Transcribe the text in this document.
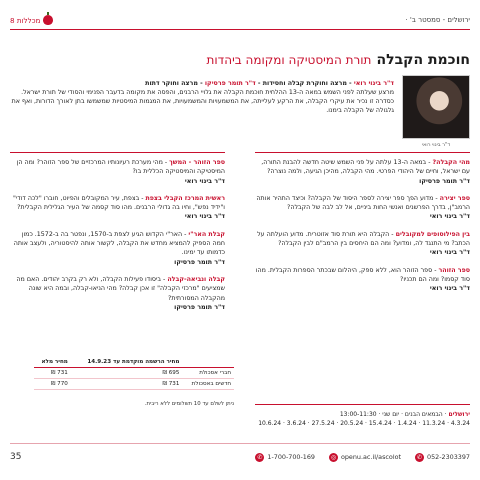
ירושלים - סמסטר ב' ·
8 מכללות
חוכמת הקבלה תורת המיסטיקה ומקומה ביהדות
ד"ר בינוי רואי
ד"ר בינוי רואי - מרצה וחוקרת קבלה וחסידות - ד"ר תומר פרסיקו - מרצה וחוקר דתות
מרצע שעלתה לפני השמש במאה ה-13 ההלחית חוכמת הקבלה את גלויי הרבנים, והפסה את מקומה בדעבר הפנימי והסודי של תורת ישראל. כסדרה זו נכיר את עיקרי הקבלה, את הרקע לעלייתה, את המשמעויות והמשמעויות, את המגמות המיסטיות שמשמשו בתן לאורך הדורות, ואף את גלגולה של הקבלה בימנו.
מהי הקבלה? - במאה ה-13 עלתה על פני השמש שיטה חדשה להבנת התורה, עם ישראל, וחיים של היהודי הפרטי. מהי הקבלה, מהיכן הגיעה, ולמה נוצרה?
ד"ר תומר פרסיקו
ספר יצירה - מדוע הפך ספר יצירה לספר היסוד של הקבלה? וכיצד התהיר אותה הרמב"ן, בדרך הפרשנים ואנשי החות ביניים, אל לב לבה של הקבלה?
ד"ר בינוי רואי
בין הפילוסופים למקובלים - הקבלה היא תורת סוד אזוטרית. מדוע הועלתה על הכתב? מי התנגד לה, ומדוע? ומה הם היחסים בין הרמב"ם לבין הקבלה?
ד"ר בינוי רואי
ספר הזוהר - ספר הזוהר הוא, ללא ספק, היהלום שבכתר הספרות הקבלית. מהו סוד קסמו? ומה הם תכניו?
ד"ר בינוי רואי
ספר הזוהר - המשך - מהי מערכת רעיונותיו המרכזיים של ספר הזוהר? ומה הן המיסטיקה והמיסטיקה הכללית בו?
ד"ר בינוי רואי
ראשית המרכז הקבלי בצפת - בצפת, עיר המקובלים והפיוט, חוברו "לכה דודי" ו"ידיד נפש", וחיו בה גדולי הרבנים. מהו סוד קסמה של העיר הגלילית הקבלית?
ד"ר בינוי רואי
קבלת האר"י - האר"י הקדוש הגיע לצפת ב-1570, ונפטר בה ב-1572. כמון חמה הספיק להמציא מחדש את הקבלה, לקשור אותה להיסטוריה, ולעצב אותה כדמותו עד ימינו.
ד"ר תומר פרסיקו
קבלה ונביאה-קבלה - ביסודו פעילות הקבלה, ולא רק בקרב יהודים. האם מה שמציעים "מרכזי הקבלה" זו אכן קבלה? מהי הניאו-קבלה, ובמה היא שונה מהקבלה המסורתית?
ד"ר תומר פרסיקו
ירושלים · הבמאים הבנים · יום שני · 13:00-11:30
10.6.24 · 3.6.24 · 27.5.24 · 20.5.24 · 15.4.24 · 1.4.24 · 11.3.24 · 4.3.24
	מחיר הרשמה מוקדמת עד 14.9.23	מחיר מלא
חברי אסכולת	695 ₪	731 ₪
חדשים באסכולת	731 ₪	770 ₪
ניתן לשלם עד 10 תשלומים ללא ריבית.
35	✆ 1-700-700-169	◎ openu.ac.il/ascolot	✆ 052-2303397
